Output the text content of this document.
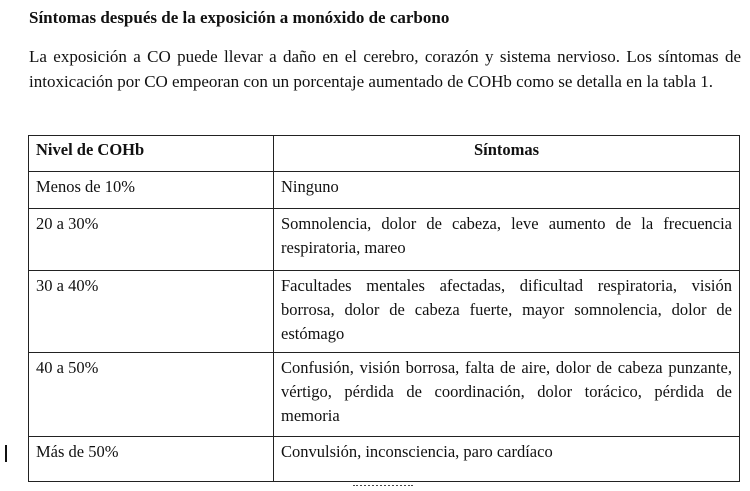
Síntomas después de la exposición a monóxido de carbono

La exposición a CO puede llevar a daño en el cerebro, corazón y sistema nervioso. Los síntomas de intoxicación por CO empeoran con un porcentaje aumentado de COHb como se detalla en la tabla 1.

Nivel de COHb	Síntomas
Menos de 10%	Ninguno
20 a 30%	Somnolencia, dolor de cabeza, leve aumento de la frecuencia respiratoria, mareo
30 a 40%	Facultades mentales afectadas, dificultad respiratoria, visión borrosa, dolor de cabeza fuerte, mayor somnolencia, dolor de estómago
40 a 50%	Confusión, visión borrosa, falta de aire, dolor de cabeza punzante, vértigo, pérdida de coordinación, dolor torácico, pérdida de memoria
Más de 50%	Convulsión, inconsciencia, paro cardíaco
